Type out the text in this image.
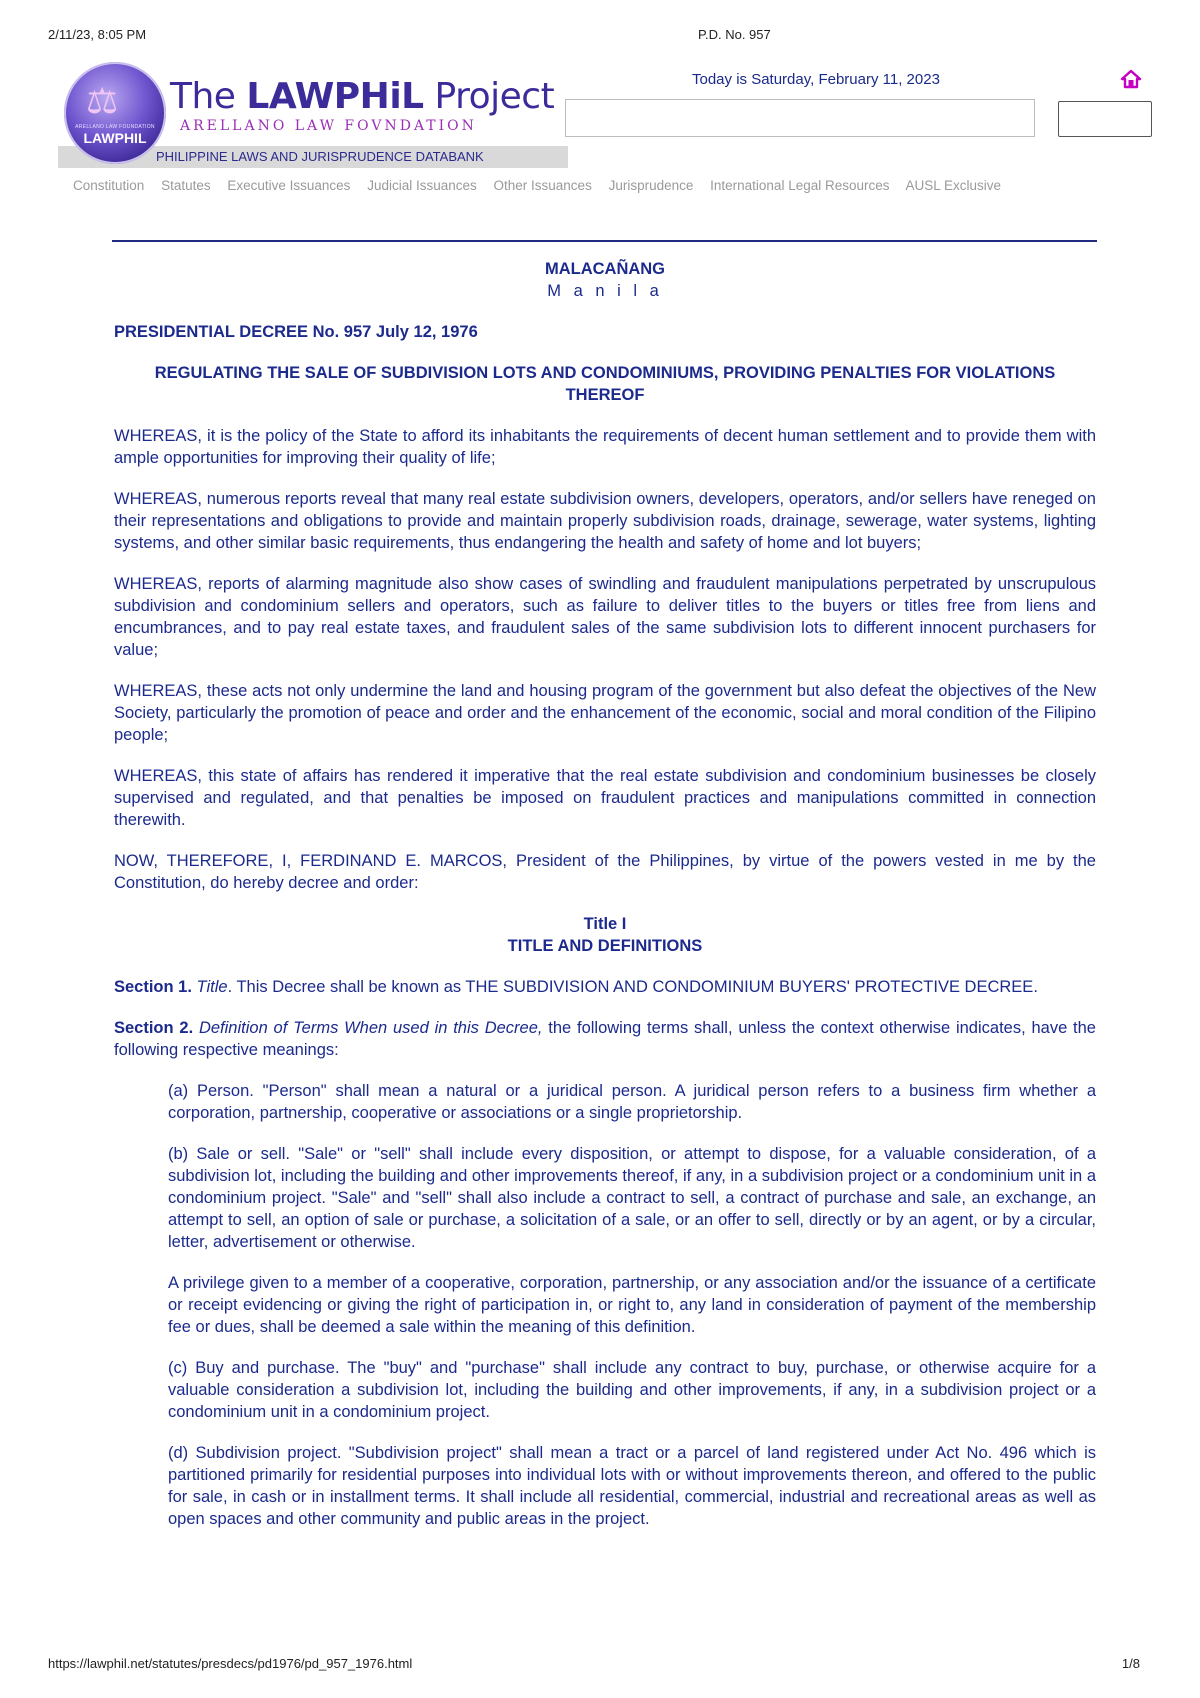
2/11/23, 8:05 PM	P.D. No. 957
⚖
ARELLANO LAW FOUNDATION
LAWPHIL
The LAWPHiL Project
ARELLANO LAW FOVNDATION
PHILIPPINE LAWS AND JURISPRUDENCE DATABANK
Today is Saturday, February 11, 2023
Constitution Statutes Executive Issuances Judicial Issuances Other Issuances Jurisprudence International Legal Resources AUSL Exclusive

MALACAÑANG

M a n i l a

PRESIDENTIAL DECREE No. 957 July 12, 1976

REGULATING THE SALE OF SUBDIVISION LOTS AND CONDOMINIUMS, PROVIDING PENALTIES FOR VIOLATIONS THEREOF

WHEREAS, it is the policy of the State to afford its inhabitants the requirements of decent human settlement and to provide them with ample opportunities for improving their quality of life;

WHEREAS, numerous reports reveal that many real estate subdivision owners, developers, operators, and/or sellers have reneged on their representations and obligations to provide and maintain properly subdivision roads, drainage, sewerage, water systems, lighting systems, and other similar basic requirements, thus endangering the health and safety of home and lot buyers;

WHEREAS, reports of alarming magnitude also show cases of swindling and fraudulent manipulations perpetrated by unscrupulous subdivision and condominium sellers and operators, such as failure to deliver titles to the buyers or titles free from liens and encumbrances, and to pay real estate taxes, and fraudulent sales of the same subdivision lots to different innocent purchasers for value;

WHEREAS, these acts not only undermine the land and housing program of the government but also defeat the objectives of the New Society, particularly the promotion of peace and order and the enhancement of the economic, social and moral condition of the Filipino people;

WHEREAS, this state of affairs has rendered it imperative that the real estate subdivision and condominium businesses be closely supervised and regulated, and that penalties be imposed on fraudulent practices and manipulations committed in connection therewith.

NOW, THEREFORE, I, FERDINAND E. MARCOS, President of the Philippines, by virtue of the powers vested in me by the Constitution, do hereby decree and order:

Title I

TITLE AND DEFINITIONS

Section 1. Title. This Decree shall be known as THE SUBDIVISION AND CONDOMINIUM BUYERS' PROTECTIVE DECREE.

Section 2. Definition of Terms When used in this Decree, the following terms shall, unless the context otherwise indicates, have the following respective meanings:

(a) Person. "Person" shall mean a natural or a juridical person. A juridical person refers to a business firm whether a corporation, partnership, cooperative or associations or a single proprietorship.

(b) Sale or sell. "Sale" or "sell" shall include every disposition, or attempt to dispose, for a valuable consideration, of a subdivision lot, including the building and other improvements thereof, if any, in a subdivision project or a condominium unit in a condominium project. "Sale" and "sell" shall also include a contract to sell, a contract of purchase and sale, an exchange, an attempt to sell, an option of sale or purchase, a solicitation of a sale, or an offer to sell, directly or by an agent, or by a circular, letter, advertisement or otherwise.

A privilege given to a member of a cooperative, corporation, partnership, or any association and/or the issuance of a certificate or receipt evidencing or giving the right of participation in, or right to, any land in consideration of payment of the membership fee or dues, shall be deemed a sale within the meaning of this definition.

(c) Buy and purchase. The "buy" and "purchase" shall include any contract to buy, purchase, or otherwise acquire for a valuable consideration a subdivision lot, including the building and other improvements, if any, in a subdivision project or a condominium unit in a condominium project.

(d) Subdivision project. "Subdivision project" shall mean a tract or a parcel of land registered under Act No. 496 which is partitioned primarily for residential purposes into individual lots with or without improvements thereon, and offered to the public for sale, in cash or in installment terms. It shall include all residential, commercial, industrial and recreational areas as well as open spaces and other community and public areas in the project.

https://lawphil.net/statutes/presdecs/pd1976/pd_957_1976.html	1/8
